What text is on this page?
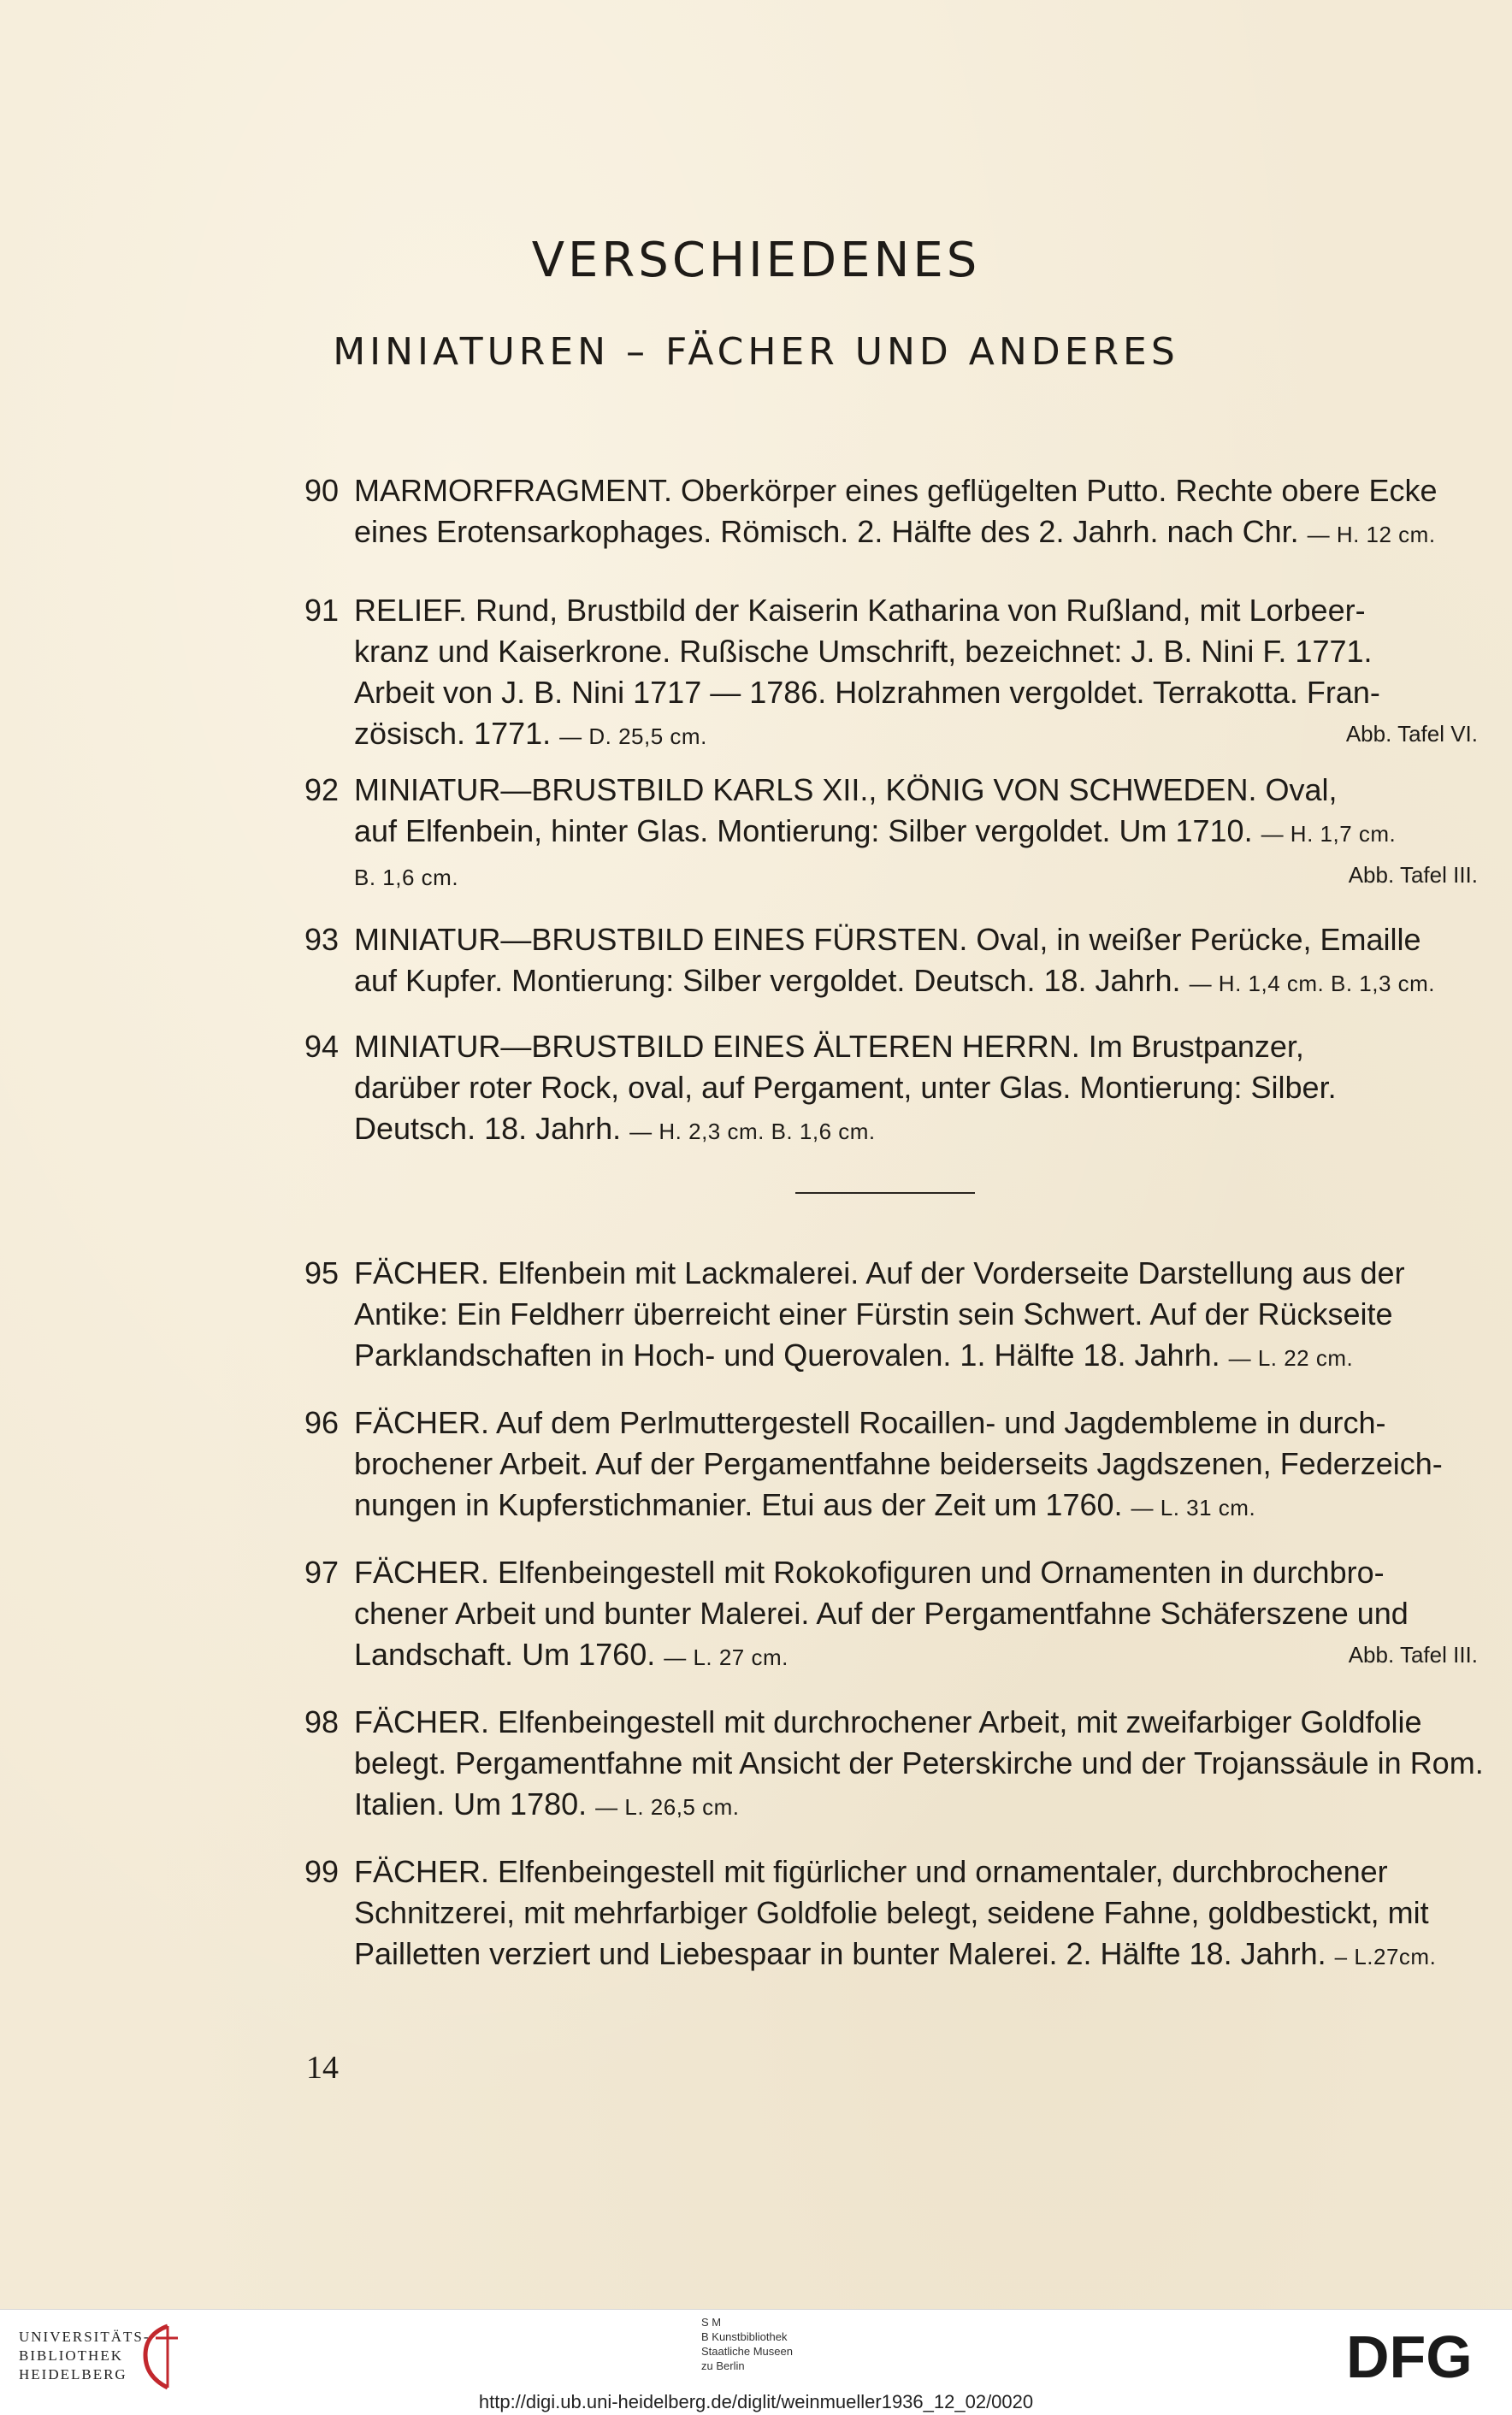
VERSCHIEDENES
MINIATUREN – FÄCHER UND ANDERES
90 MARMORFRAGMENT. Oberkörper eines geflügelten Putto. Rechte obere Ecke
eines Erotensarkophages. Römisch. 2. Hälfte des 2. Jahrh. nach Chr. — H. 12 cm.
91 RELIEF. Rund, Brustbild der Kaiserin Katharina von Rußland, mit Lorbeer-
kranz und Kaiserkrone. Rußische Umschrift, bezeichnet: J. B. Nini F. 1771.
Arbeit von J. B. Nini 1717 — 1786. Holzrahmen vergoldet. Terrakotta. Fran-
zösisch. 1771. — D. 25,5 cm.	Abb. Tafel VI.
92 MINIATUR—BRUSTBILD KARLS XII., KÖNIG VON SCHWEDEN. Oval,
auf Elfenbein, hinter Glas. Montierung: Silber vergoldet. Um 1710. — H. 1,7 cm.
B. 1,6 cm.	Abb. Tafel III.
93 MINIATUR—BRUSTBILD EINES FÜRSTEN. Oval, in weißer Perücke, Emaille
auf Kupfer. Montierung: Silber vergoldet. Deutsch. 18. Jahrh. — H. 1,4 cm. B. 1,3 cm.
94 MINIATUR—BRUSTBILD EINES ÄLTEREN HERRN. Im Brustpanzer,
darüber roter Rock, oval, auf Pergament, unter Glas. Montierung: Silber.
Deutsch. 18. Jahrh. — H. 2,3 cm. B. 1,6 cm.
95 FÄCHER. Elfenbein mit Lackmalerei. Auf der Vorderseite Darstellung aus der
Antike: Ein Feldherr überreicht einer Fürstin sein Schwert. Auf der Rückseite
Parklandschaften in Hoch- und Querovalen. 1. Hälfte 18. Jahrh. — L. 22 cm.
96 FÄCHER. Auf dem Perlmuttergestell Rocaillen- und Jagdembleme in durch-
brochener Arbeit. Auf der Pergamentfahne beiderseits Jagdszenen, Federzeich-
nungen in Kupferstichmanier. Etui aus der Zeit um 1760. — L. 31 cm.
97 FÄCHER. Elfenbeingestell mit Rokokofiguren und Ornamenten in durchbro-
chener Arbeit und bunter Malerei. Auf der Pergamentfahne Schäferszene und
Landschaft. Um 1760. — L. 27 cm.	Abb. Tafel III.
98 FÄCHER. Elfenbeingestell mit durchrochener Arbeit, mit zweifarbiger Goldfolie
belegt. Pergamentfahne mit Ansicht der Peterskirche und der Trojanssäule in Rom.
Italien. Um 1780. — L. 26,5 cm.
99 FÄCHER. Elfenbeingestell mit figürlicher und ornamentaler, durchbrochener
Schnitzerei, mit mehrfarbiger Goldfolie belegt, seidene Fahne, goldbestickt, mit
Pailletten verziert und Liebespaar in bunter Malerei. 2. Hälfte 18. Jahrh. – L.27cm.
14
UNIVERSITÄTS-
BIBLIOTHEK
HEIDELBERG
S M
B Kunstbibliothek
Staatliche Museen
zu Berlin	DFG
http://digi.ub.uni-heidelberg.de/diglit/weinmueller1936_12_02/0020
